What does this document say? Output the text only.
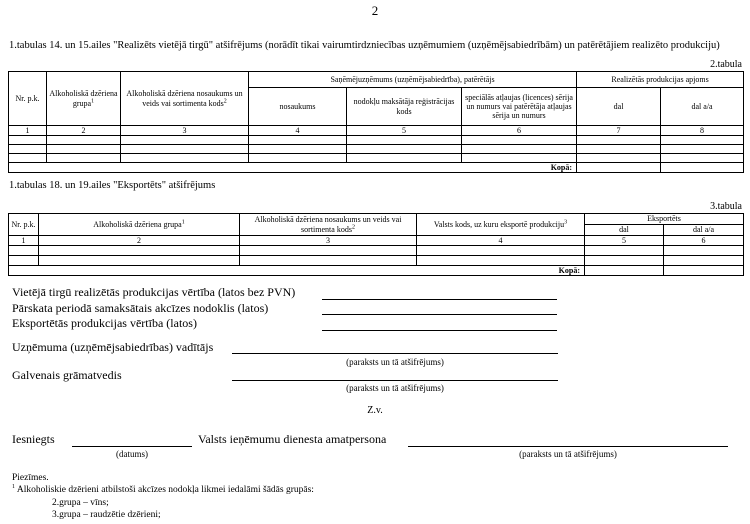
2
1.tabulas 14. un 15.ailes "Realizēts vietējā tirgū" atšifrējums (norādīt tikai vairumtirdzniecības uzņēmumiem (uzņēmējsabiedrībām) un patērētājiem realizēto produkciju)
2.tabula
Nr. p.k.	Alkoholiskā dzēriena grupa$^1$	Alkoholiskā dzēriena nosaukums un veids vai sortimenta kods$^2$	Saņēmējuzņēmums (uzņēmējsabiedrība), patērētājs			Realizētās produkcijas apjoms	
			nosaukums	nodokļu maksātāja reģistrācijas kods	speciālās atļaujas (licences) sērija un numurs vai patērētāja atļaujas sērija un numurs	dal	dal a/a
1	2	3	4	5	6	7	8

					Kopā:		
1.tabulas 18. un 19.ailes "Eksportēts" atšifrējums
3.tabula
Nr. p.k.	Alkoholiskā dzēriena grupa$^1$	Alkoholiskā dzēriena nosaukums un veids vai sortimenta kods$^2$	Valsts kods, uz kuru eksportē produkciju$^3$	Eksportēts	
				dal	dal a/a
1	2	3	4	5	6

			Kopā:		
Vietējā tirgū realizētās produkcijas vērtība (latos bez PVN)
Pārskata periodā samaksātais akcīzes nodoklis (latos)
Eksportētās produkcijas vērtība (latos)
Uzņēmuma (uzņēmējsabiedrības) vadītājs
(paraksts un tā atšifrējums)
Galvenais grāmatvedis
(paraksts un tā atšifrējums)
Z.v.
Iesniegts
(datums)
Valsts ieņēmumu dienesta amatpersona
(paraksts un tā atšifrējums)
Piezīmes.
$^1$ Alkoholiskie dzērieni atbilstoši akcīzes nodokļa likmei iedalāmi šādās grupās:
2.grupa – vīns;
3.grupa – raudzētie dzērieni;
